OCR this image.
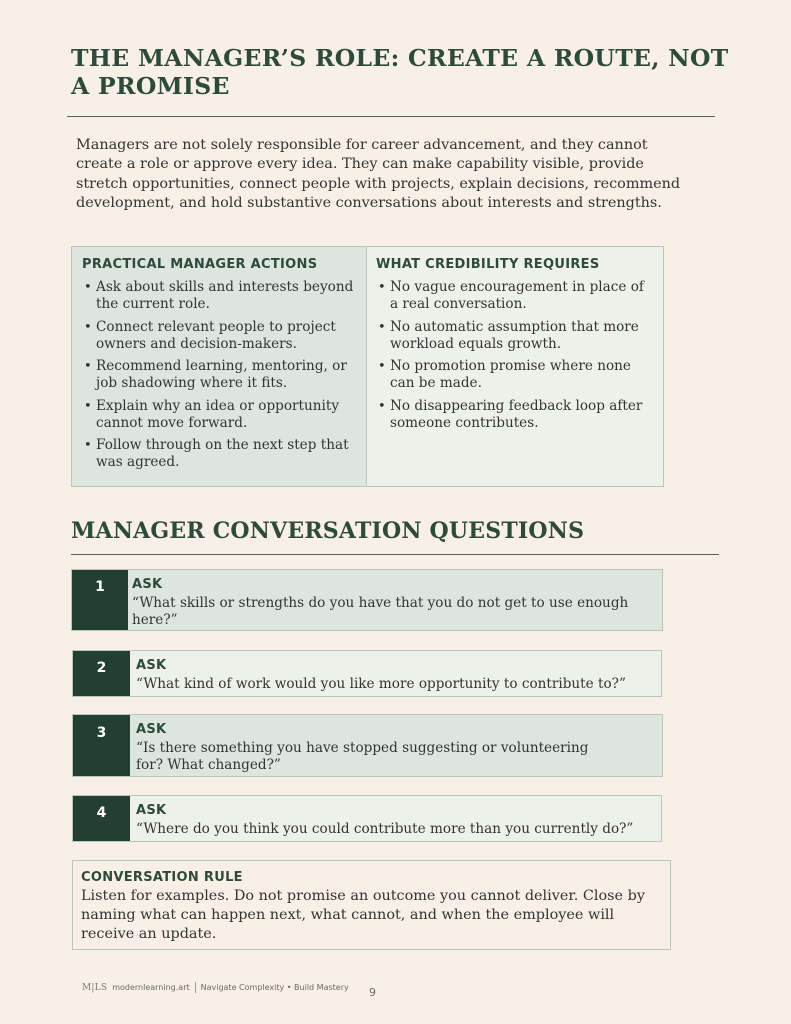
THE MANAGER’S ROLE: CREATE A ROUTE, NOT A PROMISE
Managers are not solely responsible for career advancement, and they cannot create a role or approve every idea. They can make capability visible, provide stretch opportunities, connect people with projects, explain decisions, recommend development, and hold substantive conversations about interests and strengths.
PRACTICAL MANAGER ACTIONS
• Ask about skills and interests beyond the current role.
• Connect relevant people to project owners and decision-makers.
• Recommend learning, mentoring, or job shadowing where it fits.
• Explain why an idea or opportunity cannot move forward.
• Follow through on the next step that was agreed.
WHAT CREDIBILITY REQUIRES
• No vague encouragement in place of a real conversation.
• No automatic assumption that more workload equals growth.
• No promotion promise where none can be made.
• No disappearing feedback loop after someone contributes.
MANAGER CONVERSATION QUESTIONS
1	ASK
“What skills or strengths do you have that you do not get to use enough here?”
2	ASK
“What kind of work would you like more opportunity to contribute to?”
3	ASK
“Is there something you have stopped suggesting or volunteering for? What changed?”
4	ASK
“Where do you think you could contribute more than you currently do?”
CONVERSATION RULE
Listen for examples. Do not promise an outcome you cannot deliver. Close by naming what can happen next, what cannot, and when the employee will receive an update.
M|LS modernlearning.art Navigate Complexity • Build Mastery 9
